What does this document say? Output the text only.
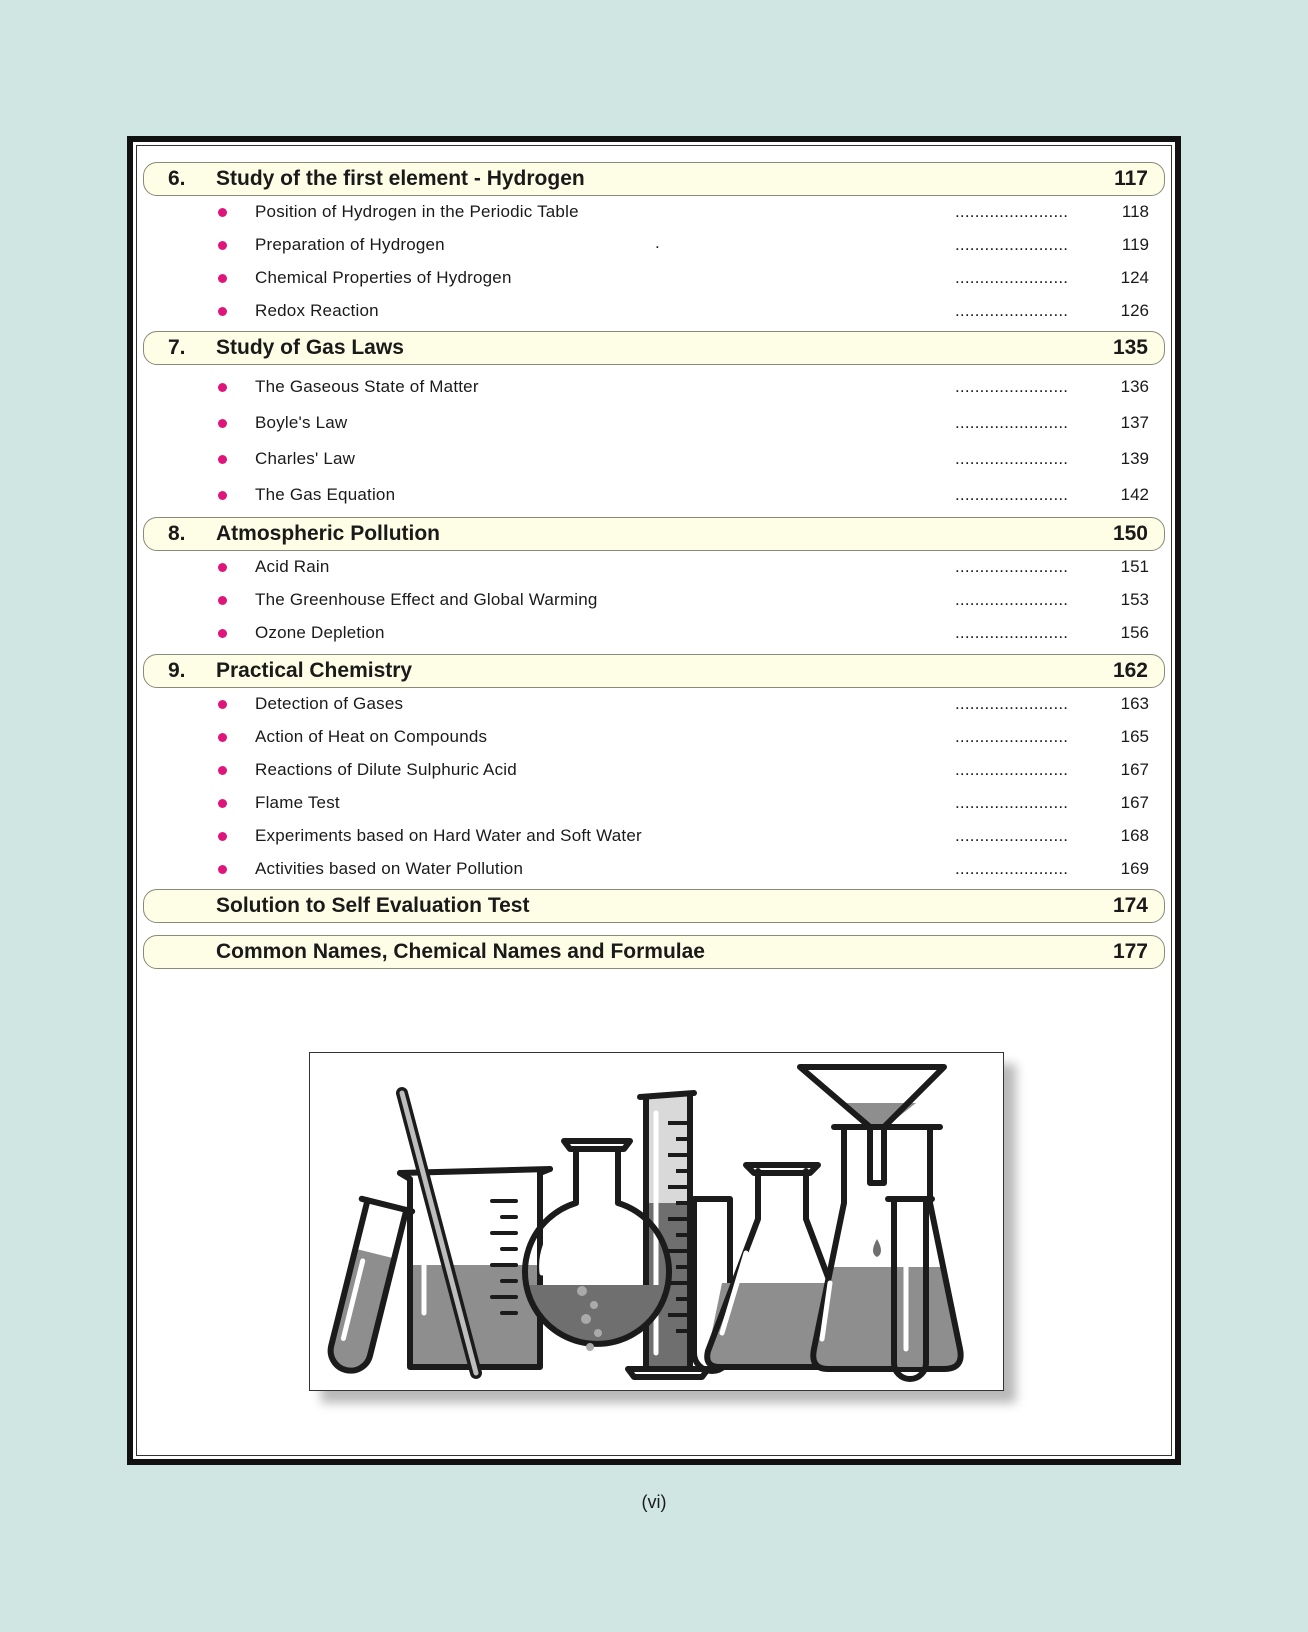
6. Study of the first element - Hydrogen	117
Position of Hydrogen in the Periodic Table	.......................	118
Preparation of Hydrogen	.	.......................	119
Chemical Properties of Hydrogen	.......................	124
Redox Reaction	.......................	126
7. Study of Gas Laws	135
The Gaseous State of Matter	.......................	136
Boyle's Law	.......................	137
Charles' Law	.......................	139
The Gas Equation	.......................	142
8. Atmospheric Pollution	150
Acid Rain	.......................	151
The Greenhouse Effect and Global Warming	.......................	153
Ozone Depletion	.......................	156
9. Practical Chemistry	162
Detection of Gases	.......................	163
Action of Heat on Compounds	.......................	165
Reactions of Dilute Sulphuric Acid	.......................	167
Flame Test	.......................	167
Experiments based on Hard Water and Soft Water	.......................	168
Activities based on Water Pollution	.......................	169
Solution to Self Evaluation Test	174
Common Names, Chemical Names and Formulae	177
(vi)
